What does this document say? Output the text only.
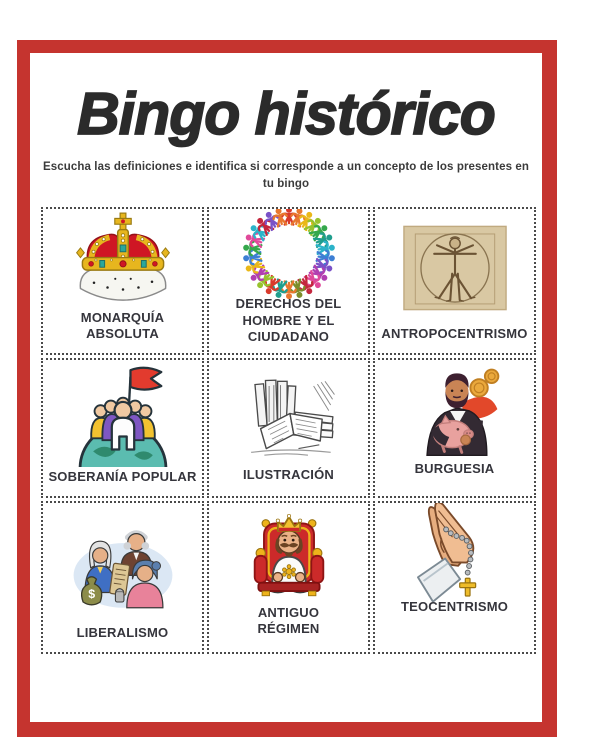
Bingo histórico

Escucha las definiciones e identifica si corresponde a un concepto de los presentes en tu bingo

MONARQUÍA ABSOLUTA
DERECHOS DEL HOMBRE Y EL CIUDADANO	ANTROPOCENTRISMO
SOBERANÍA POPULAR	ILUSTRACIÓN	BURGUESIA
$
LIBERALISMO
ANTIGUO RÉGIMEN
TEOCENTRISMO
